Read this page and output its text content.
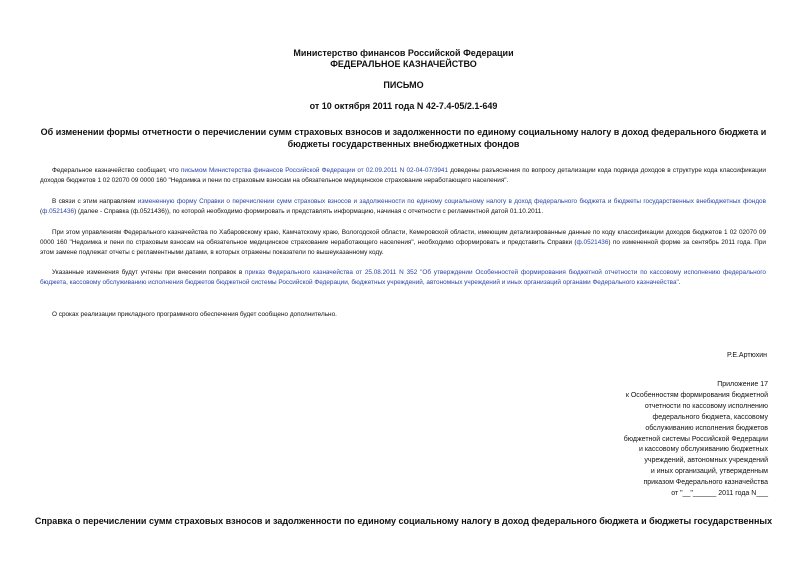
Министерство финансов Российской Федерации
ФЕДЕРАЛЬНОЕ КАЗНАЧЕЙСТВО
ПИСЬМО
от 10 октября 2011 года N 42-7.4-05/2.1-649
Об изменении формы отчетности о перечислении сумм страховых взносов и задолженности по единому социальному налогу в доход федерального бюджета и
бюджеты государственных внебюджетных фондов

Федеральное казначейство сообщает, что письмом Министерства финансов Российской Федерации от 02.09.2011 N 02-04-07/3941 доведены разъяснения по вопросу детализации кода подвида доходов в структуре кода классификации доходов бюджетов 1 02 02070 09 0000 160 "Недоимка и пени по страховым взносам на обязательное медицинское страхование неработающего населения".

В связи с этим направляем измененную форму Справки о перечислении сумм страховых взносов и задолженности по единому социальному налогу в доход федерального бюджета и бюджеты государственных внебюджетных фондов (ф.0521436) (далее - Справка (ф.0521436)), по которой необходимо формировать и представлять информацию, начиная с отчетности с регламентной датой 01.10.2011.

При этом управлениям Федерального казначейства по Хабаровскому краю, Камчатскому краю, Вологодской области, Кемеровской области, имеющим детализированные данные по коду классификации доходов бюджетов 1 02 02070 09 0000 160 "Недоимка и пени по страховым взносам на обязательное медицинское страхование неработающего населения", необходимо сформировать и представить Справки (ф.0521436) по измененной форме за сентябрь 2011 года. При этом замене подлежат отчеты с регламентными датами, в которых отражены показатели по вышеуказанному коду.

Указанные изменения будут учтены при внесении поправок в приказ Федерального казначейства от 25.08.2011 N 352 "Об утверждении Особенностей формирования бюджетной отчетности по кассовому исполнению федерального бюджета, кассовому обслуживанию исполнения бюджетов бюджетной системы Российской Федерации, бюджетных учреждений, автономных учреждений и иных организаций органами Федерального казначейства".

О сроках реализации прикладного программного обеспечения будет сообщено дополнительно.

Р.Е.Артюхин
Приложение 17
к Особенностям формирования бюджетной
отчетности по кассовому исполнению
федерального бюджета, кассовому
обслуживанию исполнения бюджетов
бюджетной системы Российской Федерации
и кассовому обслуживанию бюджетных
учреждений, автономных учреждений
и иных организаций, утвержденным
приказом Федерального казначейства
от "__"______ 2011 года N___
Справка о перечислении сумм страховых взносов и задолженности по единому социальному налогу в доход федерального бюджета и бюджеты государственных
